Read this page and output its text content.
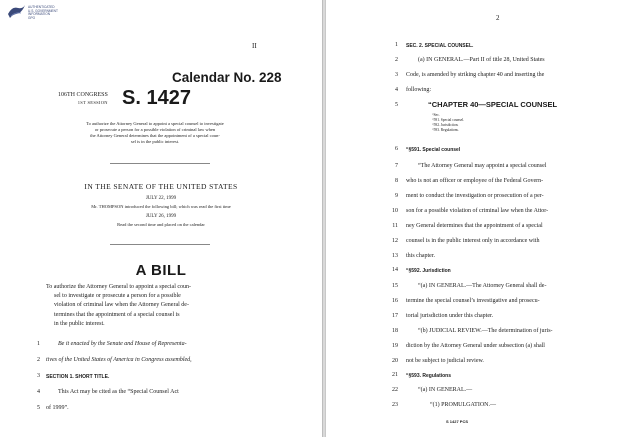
AUTHENTICATED
U.S. GOVERNMENT
INFORMATION
GPO
II
Calendar No. 228
106TH CONGRESS
1ST SESSION S. 1427
To authorize the Attorney General to appoint a special counsel to investigate
or prosecute a person for a possible violation of criminal law when
the Attorney General determines that the appointment of a special coun-
sel is in the public interest.
IN THE SENATE OF THE UNITED STATES
JULY 22, 1999
Mr. THOMPSON introduced the following bill; which was read the first time
JULY 26, 1999
Read the second time and placed on the calendar
A BILL
To authorize the Attorney General to appoint a special coun-
sel to investigate or prosecute a person for a possible
violation of criminal law when the Attorney General de-
termines that the appointment of a special counsel is
in the public interest.
1	Be it enacted by the Senate and House of Representa-
2 tives of the United States of America in Congress assembled,
3 SECTION 1. SHORT TITLE.
4	This Act may be cited as the “Special Counsel Act
5 of 1999”.
2
1 SEC. 2. SPECIAL COUNSEL.
2	(a) IN GENERAL.—Part II of title 28, United States
3 Code, is amended by striking chapter 40 and inserting the
4 following:
5	“CHAPTER 40—SPECIAL COUNSEL
“Sec.
“591. Special counsel.
“592. Jurisdiction.
“593. Regulations.
6 “§591. Special counsel
7	“The Attorney General may appoint a special counsel
8 who is not an officer or employee of the Federal Govern-
9 ment to conduct the investigation or prosecution of a per-
10 son for a possible violation of criminal law when the Attor-
11 ney General determines that the appointment of a special
12 counsel is in the public interest only in accordance with
13 this chapter.
14 “§592. Jurisdiction
15	“(a) IN GENERAL.—The Attorney General shall de-
16 termine the special counsel’s investigative and prosecu-
17 torial jurisdiction under this chapter.
18	“(b) JUDICIAL REVIEW.—The determination of juris-
19 diction by the Attorney General under subsection (a) shall
20 not be subject to judicial review.
21 “§593. Regulations
22	“(a) IN GENERAL.—
23	“(1) PROMULGATION.—
S 1427 PCS
